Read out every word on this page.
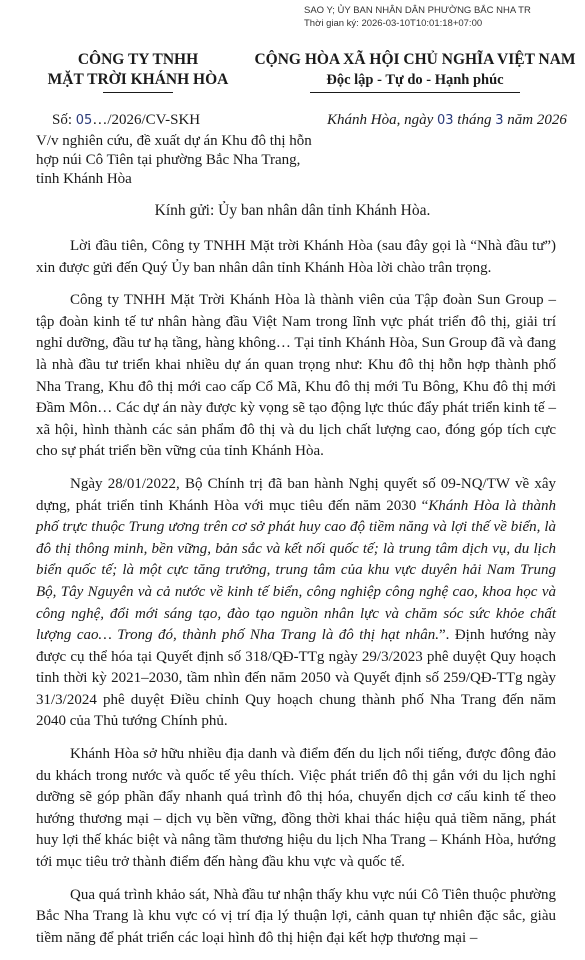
SAO Y; ỦY BAN NHÂN DÂN PHƯỜNG BẮC NHA TR
Thời gian ký: 2026-03-10T10:01:18+07:00
CÔNG TY TNHH
MẶT TRỜI KHÁNH HÒA
CỘNG HÒA XÃ HỘI CHỦ NGHĨA VIỆT NAM
Độc lập - Tự do - Hạnh phúc
Số: 05…/2026/CV-SKH	Khánh Hòa, ngày 03 tháng 3 năm 2026
V/v nghiên cứu, đề xuất dự án Khu đô thị hỗn hợp núi Cô Tiên tại phường Bắc Nha Trang, tỉnh Khánh Hòa
Kính gửi: Ủy ban nhân dân tỉnh Khánh Hòa.

Lời đầu tiên, Công ty TNHH Mặt trời Khánh Hòa (sau đây gọi là “Nhà đầu tư”) xin được gửi đến Quý Ủy ban nhân dân tỉnh Khánh Hòa lời chào trân trọng.

Công ty TNHH Mặt Trời Khánh Hòa là thành viên của Tập đoàn Sun Group – tập đoàn kinh tế tư nhân hàng đầu Việt Nam trong lĩnh vực phát triển đô thị, giải trí nghỉ dưỡng, đầu tư hạ tầng, hàng không… Tại tỉnh Khánh Hòa, Sun Group đã và đang là nhà đầu tư triển khai nhiều dự án quan trọng như: Khu đô thị hỗn hợp thành phố Nha Trang, Khu đô thị mới cao cấp Cổ Mã, Khu đô thị mới Tu Bông, Khu đô thị mới Đầm Môn… Các dự án này được kỳ vọng sẽ tạo động lực thúc đẩy phát triển kinh tế – xã hội, hình thành các sản phẩm đô thị và du lịch chất lượng cao, đóng góp tích cực cho sự phát triển bền vững của tỉnh Khánh Hòa.

Ngày 28/01/2022, Bộ Chính trị đã ban hành Nghị quyết số 09-NQ/TW về xây dựng, phát triển tỉnh Khánh Hòa với mục tiêu đến năm 2030 “Khánh Hòa là thành phố trực thuộc Trung ương trên cơ sở phát huy cao độ tiềm năng và lợi thế về biển, là đô thị thông minh, bền vững, bản sắc và kết nối quốc tế; là trung tâm dịch vụ, du lịch biển quốc tế; là một cực tăng trưởng, trung tâm của khu vực duyên hải Nam Trung Bộ, Tây Nguyên và cả nước về kinh tế biển, công nghiệp công nghệ cao, khoa học và công nghệ, đổi mới sáng tạo, đào tạo nguồn nhân lực và chăm sóc sức khỏe chất lượng cao… Trong đó, thành phố Nha Trang là đô thị hạt nhân.”. Định hướng này được cụ thể hóa tại Quyết định số 318/QĐ-TTg ngày 29/3/2023 phê duyệt Quy hoạch tỉnh thời kỳ 2021–2030, tầm nhìn đến năm 2050 và Quyết định số 259/QĐ-TTg ngày 31/3/2024 phê duyệt Điều chỉnh Quy hoạch chung thành phố Nha Trang đến năm 2040 của Thủ tướng Chính phủ.

Khánh Hòa sở hữu nhiều địa danh và điểm đến du lịch nổi tiếng, được đông đảo du khách trong nước và quốc tế yêu thích. Việc phát triển đô thị gắn với du lịch nghỉ dưỡng sẽ góp phần đẩy nhanh quá trình đô thị hóa, chuyển dịch cơ cấu kinh tế theo hướng thương mại – dịch vụ bền vững, đồng thời khai thác hiệu quả tiềm năng, phát huy lợi thế khác biệt và nâng tầm thương hiệu du lịch Nha Trang – Khánh Hòa, hướng tới mục tiêu trở thành điểm đến hàng đầu khu vực và quốc tế.

Qua quá trình khảo sát, Nhà đầu tư nhận thấy khu vực núi Cô Tiên thuộc phường Bắc Nha Trang là khu vực có vị trí địa lý thuận lợi, cảnh quan tự nhiên đặc sắc, giàu tiềm năng để phát triển các loại hình đô thị hiện đại kết hợp thương mại –
